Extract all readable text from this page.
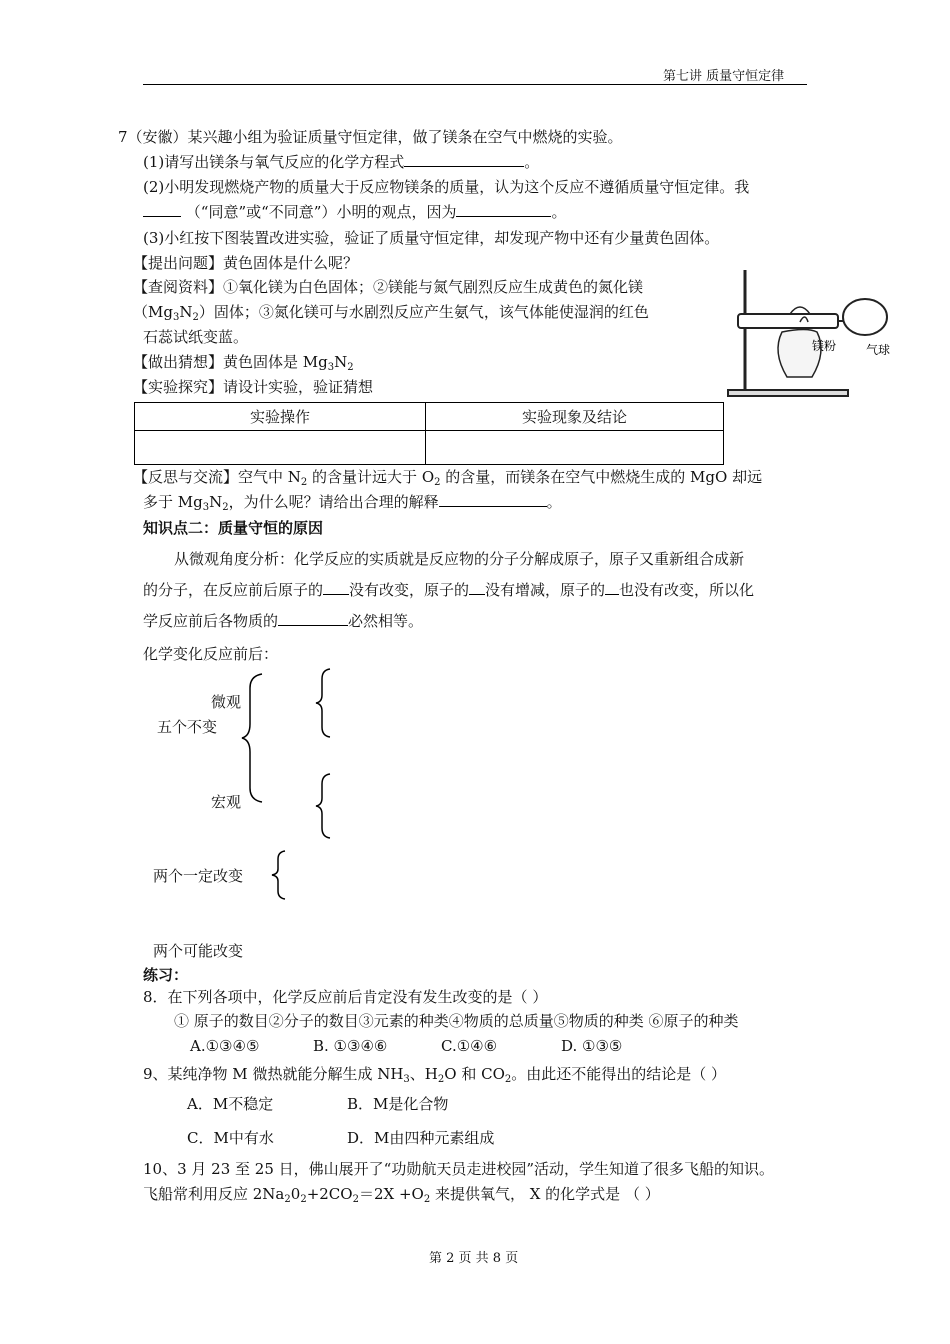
第七讲 质量守恒定律
7（安徽）某兴趣小组为验证质量守恒定律，做了镁条在空气中燃烧的实验。
(1)请写出镁条与氧气反应的化学方程式	。
(2)小明发现燃烧产物的质量大于反应物镁条的质量，认为这个反应不遵循质量守恒定律。我
（“同意”或“不同意”）小明的观点，因为	。
(3)小红按下图装置改进实验，验证了质量守恒定律，却发现产物中还有少量黄色固体。
【提出问题】黄色固体是什么呢？
【查阅资料】①氧化镁为白色固体；②镁能与氮气剧烈反应生成黄色的氮化镁
$(Mg_3N_2)$固体；③氮化镁可与水剧烈反应产生氨气，该气体能使湿润的红色
石蕊试纸变蓝。
【做出猜想】黄色固体是 $Mg_3N_2$
【实验探究】请设计实验，验证猜想
镁粉 气球
实验操作	实验现象及结论

【反思与交流】空气中 $N_2$ 的含量计远大于 $O_2$ 的含量，而镁条在空气中燃烧生成的 MgO 却远
多于 $Mg_3N_2$，为什么呢？请给出合理的解释	。
知识点二：质量守恒的原因
从微观角度分析：化学反应的实质就是反应物的分子分解成原子，原子又重新组合成新
的分子，在反应前后原子的 没有改变，原子的 没有增减，原子的 也没有改变，所以化
学反应前后各物质的	必然相等。
化学变化反应前后：
微观
五个不变
宏观
两个一定改变
两个可能改变
练习：
8．在下列各项中，化学反应前后肯定没有发生改变的是（ ）
① 原子的数目②分子的数目③元素的种类④物质的总质量⑤物质的种类 ⑥原子的种类
A.①③④⑤	B. ①③④⑥	C.①④⑥	D. ①③⑤
9、某纯净物 M 微热就能分解生成 $NH_3$、$H_2O$ 和 $CO_2$。由此还不能得出的结论是（ ）
A．M不稳定	B．M是化合物
C．M中有水	D．M由四种元素组成
10、3 月 23 至 25 日，佛山展开了“功勋航天员走进校园”活动，学生知道了很多飞船的知识。
飞船常利用反应 $2Na_20_2+2CO_2=2X +O_2$ 来提供氧气， X 的化学式是 （ ）
第 2 页 共 8 页
